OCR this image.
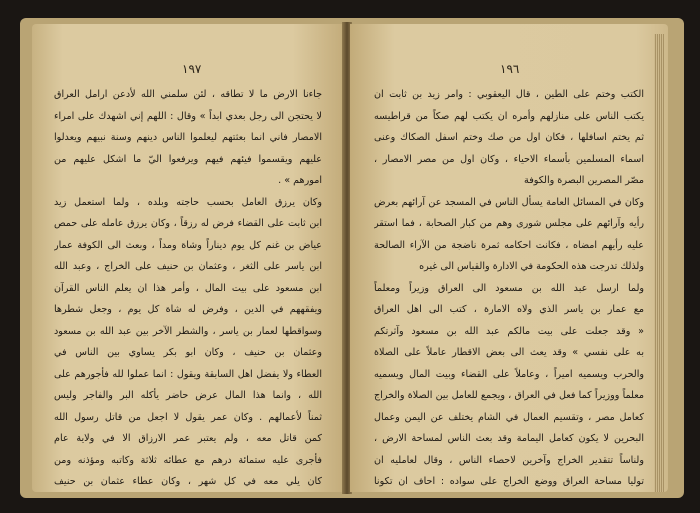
١٩٧
جاءنا الارض ما لا تطاقه ، لئن سلمني الله لأدعن ارامل العراق
لا يحتجن الى رجل بعدي ابداً » وقال : اللهم إني اشهدك على امراء
الامصار فاني انما بعثتهم ليعلموا الناس دينهم وسنة نبيهم ويعدلوا
عليهم ويقسموا فيئهم فيهم ويرفعوا اليّ ما اشكل عليهم من
امورهم » .
وكان يرزق العامل بحسب حاجته وبلده ، ولما استعمل زيد
ابن ثابت على القضاء فرض له رزقاً ، وكان يرزق عامله على حمص
عياض بن غنم كل يوم ديناراً وشاة ومداً ، وبعث الى الكوفة عمار
ابن ياسر على الثغر ، وعثمان بن حنيف على الخراج ، وعبد الله
ابن مسعود على بيت المال ، وأمر هذا ان يعلم الناس القرآن
ويفقههم في الدين ، وفرض له شاة كل يوم ، وجعل شطرها
وسواقطها لعمار بن ياسر ، والشطر الآخر بين عبد الله بن مسعود
وعثمان بن حنيف ، وكان ابو بكر يساوي بين الناس في
العطاء ولا يفضل اهل السابقة ويقول : انما عملوا لله فأجورهم على
الله ، وانما هذا المال عرض حاضر يأكله البر والفاجر وليس
ثمناً لأعمالهم . وكان عمر يقول لا اجعل من قاتل رسول الله
كمن قاتل معه ، ولم يعتبر عمر الارزاق الا في ولاية عام
فأجرى عليه ستمائة درهم مع عطائه ثلاثة وكاتبه ومؤذنه ومن
كان يلي معه في كل شهر ، وكان عطاء عثمان بن حنيف
١٩٦
الكتب وختم على الطين ، قال اليعقوبي : وامر زيد بن ثابت ان
يكتب الناس على منازلهم وأمره ان يكتب لهم صكاً من قراطيسه
ثم يختم اسافلها ، فكان اول من صك وختم اسفل الصكاك وعنى
اسماء المسلمين بأسماء الاحياء ، وكان اول من مصر الامصار ،
مصّر المصرين البصرة والكوفة
وكان في المسائل العامة يسأل الناس في المسجد عن آرائهم بعرض
رأيه وآرائهم على مجلس شورى وهم من كبار الصحابة ، فما استقر
عليه رأيهم امضاه ، فكانت احكامه ثمرة ناضجة من الآراء الصالحة
ولذلك تدرجت هذه الحكومة في الادارة والقياس الى غيره
ولما ارسل عبد الله بن مسعود الى العراق وزيراً ومعلماً
مع عمار بن ياسر الذي ولاه الامارة ، كتب الى اهل العراق
« وقد جعلت على بيت مالكم عبد الله بن مسعود وآثرتكم
به على نفسي » وقد يعث الى بعض الاقطار عاملاً على الصلاة
والحرب ويسميه اميراً ، وعاملاً على القضاء وبيت المال ويسميه
معلماً ووزيراً كما فعل في العراق ، ويجمع للعامل بين الصلاة والخراج
كعامل مصر ، وتقسيم العمال في الشام يختلف عن اليمن وعمال
البحرين لا يكون كعامل اليمامة وقد بعث الناس لمساحة الارض ،
ولناساً تتقدير الخراج وآخرين لاحصاء الناس ، وقال لعامليه ان
توليا مساحة العراق ووضع الخراج على سواده : احاف ان تكونا
